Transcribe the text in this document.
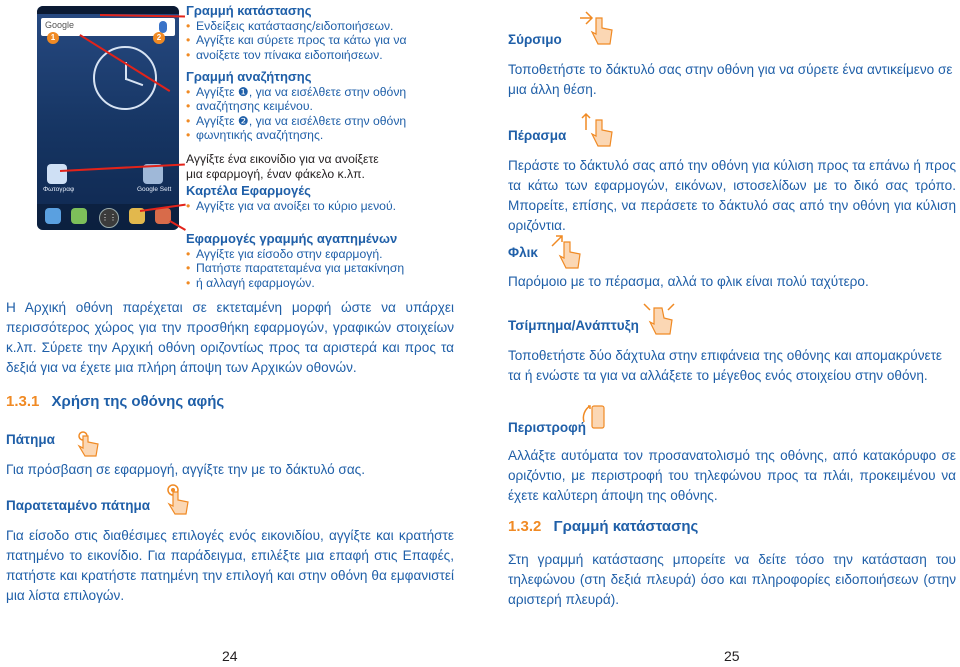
Google
1	2
Φωτογραφ	Google Sett
⋮⋮
Γραμμή κατάστασης
• Ενδείξεις κατάστασης/ειδοποιήσεων.
• Αγγίξτε και σύρετε προς τα κάτω για να
• ανοίξετε τον πίνακα ειδοποιήσεων.
Γραμμή αναζήτησης
• Αγγίξτε ❶, για να εισέλθετε στην οθόνη
• αναζήτησης κειμένου.
• Αγγίξτε ❷, για να εισέλθετε στην οθόνη
• φωνητικής αναζήτησης.
Αγγίξτε ένα εικονίδιο για να ανοίξετε
μια εφαρμογή, έναν φάκελο κ.λπ.
Καρτέλα Εφαρμογές
• Αγγίξτε για να ανοίξει το κύριο μενού.
Εφαρμογές γραμμής αγαπημένων
• Αγγίξτε για είσοδο στην εφαρμογή.
• Πατήστε παρατεταμένα για μετακίνηση
• ή αλλαγή εφαρμογών.
Η Αρχική οθόνη παρέχεται σε εκτεταμένη μορφή ώστε να υπάρχει περισσότερος χώρος για την προσθήκη εφαρμογών, γραφικών στοιχείων κ.λπ. Σύρετε την Αρχική οθόνη οριζοντίως προς τα αριστερά και προς τα δεξιά για να έχετε μια πλήρη άποψη των Αρχικών οθονών.
1.3.1 Χρήση της οθόνης αφής
Πάτημα
Για πρόσβαση σε εφαρμογή, αγγίξτε την με το δάκτυλό σας.
Παρατεταμένο πάτημα
Για είσοδο στις διαθέσιμες επιλογές ενός εικονιδίου, αγγίξτε και κρατήστε πατημένο το εικονίδιο. Για παράδειγμα, επιλέξτε μια επαφή στις Επαφές, πατήστε και κρατήστε πατημένη την επιλογή και στην οθόνη θα εμφανιστεί μια λίστα επιλογών.
24
Σύρσιμο
Τοποθετήστε το δάκτυλό σας στην οθόνη για να σύρετε ένα αντικείμενο σε μια άλλη θέση.
Πέρασμα
Περάστε το δάκτυλό σας από την οθόνη για κύλιση προς τα επάνω ή προς τα κάτω των εφαρμογών, εικόνων, ιστοσελίδων με το δικό σας τρόπο. Μπορείτε, επίσης, να περάσετε το δάκτυλό σας από την οθόνη για κύλιση οριζόντια.
Φλικ
Παρόμοιο με το πέρασμα, αλλά το φλικ είναι πολύ ταχύτερο.
Τσίμπημα/Ανάπτυξη
Τοποθετήστε δύο δάχτυλα στην επιφάνεια της οθόνης και απομακρύνετε τα ή ενώστε τα για να αλλάξετε το μέγεθος ενός στοιχείου στην οθόνη.
Περιστροφή
Αλλάξτε αυτόματα τον προσανατολισμό της οθόνης, από κατακόρυφο σε οριζόντιο, με περιστροφή του τηλεφώνου προς τα πλάι, προκειμένου να έχετε καλύτερη άποψη της οθόνης.
1.3.2 Γραμμή κατάστασης
Στη γραμμή κατάστασης μπορείτε να δείτε τόσο την κατάσταση του τηλεφώνου (στη δεξιά πλευρά) όσο και πληροφορίες ειδοποιήσεων (στην αριστερή πλευρά).
25
